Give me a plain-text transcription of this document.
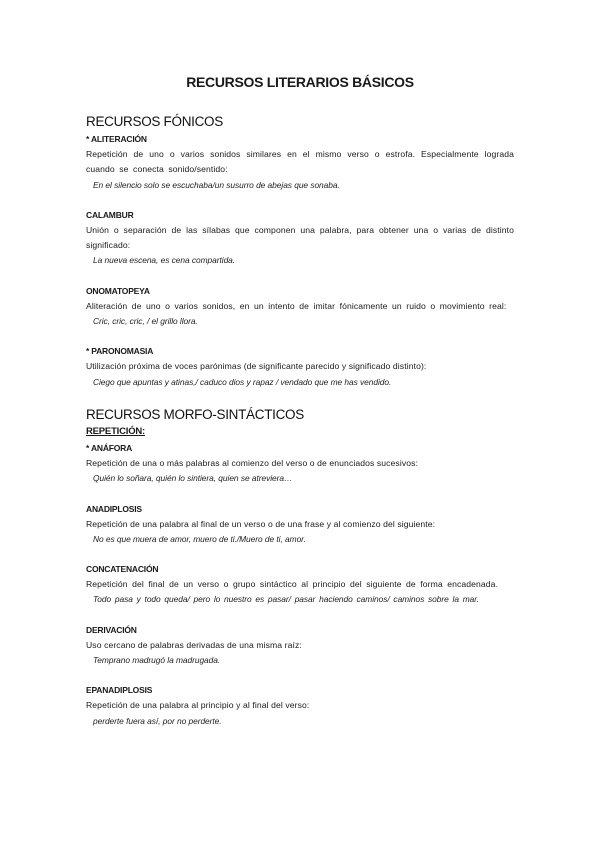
RECURSOS LITERARIOS BÁSICOS
RECURSOS FÓNICOS
* ALITERACIÓN
Repetición de uno o varios sonidos similares en el mismo verso o estrofa. Especialmente lograda cuando se conecta sonido/sentido:
En el silencio solo se escuchaba/un susurro de abejas que sonaba.
CALAMBUR
Unión o separación de las sílabas que componen una palabra, para obtener una o varias de distinto significado:
La nueva escena, es cena compartida.
ONOMATOPEYA
Aliteración de uno o varios sonidos, en un intento de imitar fónicamente un ruido o movimiento real:
Cric, cric, cric, / el grillo llora.
* PARONOMASIA
Utilización próxima de voces parónimas (de significante parecido y significado distinto):
Ciego que apuntas y atinas,/ caduco dios y rapaz / vendado que me has vendido.
RECURSOS MORFO-SINTÁCTICOS
REPETICIÓN:
* ANÁFORA
Repetición de una o más palabras al comienzo del verso o de enunciados sucesivos:
Quién lo soñara, quién lo sintiera, quien se atreviera…
ANADIPLOSIS
Repetición de una palabra al final de un verso o de una frase y al comienzo del siguiente:
No es que muera de amor, muero de ti./Muero de ti, amor.
CONCATENACIÓN
Repetición del final de un verso o grupo sintáctico al principio del siguiente de forma encadenada.
Todo pasa y todo queda/ pero lo nuestro es pasar/ pasar haciendo caminos/ caminos sobre la mar.
DERIVACIÓN
Uso cercano de palabras derivadas de una misma raíz:
Temprano madrugó la madrugada.
EPANADIPLOSIS
Repetición de una palabra al principio y al final del verso:
perderte fuera así, por no perderte.
